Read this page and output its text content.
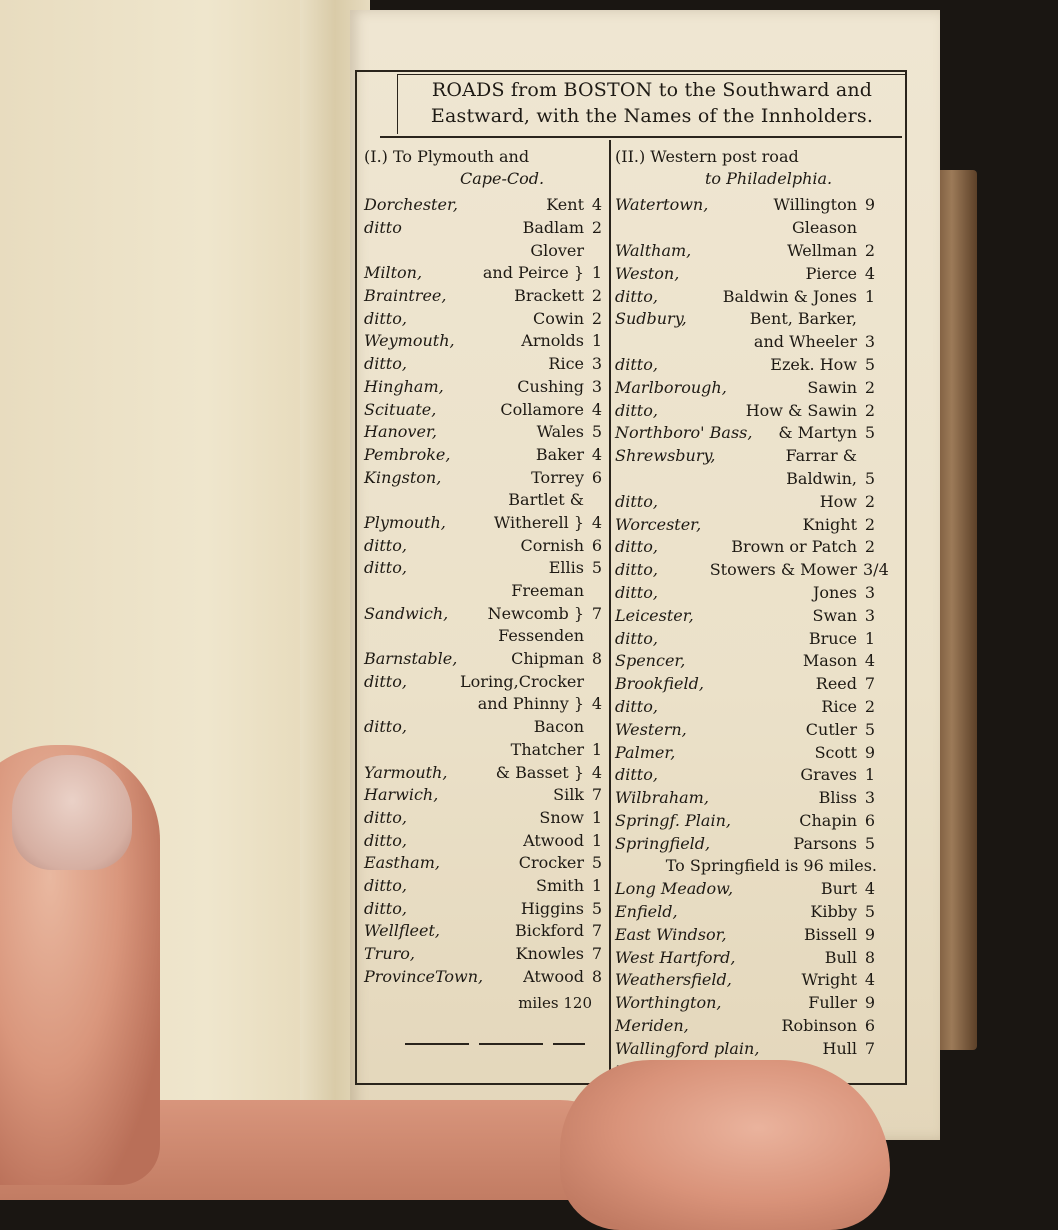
ROADS from BOSTON to the Southward and
Eastward, with the Names of the Innholders.
(I.) To Plymouth and
Cape-Cod.
Dorchester,	Kent 4
ditto	Badlam 2
Glover
Milton,	and Peirce } 1
Braintree,	Brackett 2
ditto,	Cowin 2
Weymouth,	Arnolds 1
ditto,	Rice 3
Hingham,	Cushing 3
Scituate,	Collamore 4
Hanover,	Wales 5
Pembroke,	Baker 4
Kingston,	Torrey 6
Bartlet &
Plymouth,	Witherell } 4
ditto,	Cornish 6
ditto,	Ellis 5
Freeman
Sandwich,	Newcomb } 7
Fessenden
Barnstable,	Chipman 8
ditto,	Loring,Crocker
and Phinny } 4
ditto,	Bacon
Thatcher 1
Yarmouth,	& Basset } 4
Harwich,	Silk 7
ditto,	Snow 1
ditto,	Atwood 1
Eastham,	Crocker 5
ditto,	Smith 1
ditto,	Higgins 5
Wellfleet,	Bickford 7
Truro,	Knowles 7
ProvinceTown,	Atwood 8
miles 120
(II.) Western post road
to Philadelphia.
Watertown,	Willington 9
Gleason
Waltham,	Wellman 2
Weston,	Pierce 4
ditto,	Baldwin & Jones 1
Sudbury,	Bent, Barker,
and Wheeler 3
ditto,	Ezek. How 5
Marlborough,	Sawin 2
ditto,	How & Sawin 2
Northboro' Bass,	& Martyn 5
Shrewsbury,	Farrar &
Baldwin, 5
ditto,	How 2
Worcester,	Knight 2
ditto,	Brown or Patch 2
ditto,	Stowers & Mower 3/4
ditto,	Jones 3
Leicester,	Swan 3
ditto,	Bruce 1
Spencer,	Mason 4
Brookfield,	Reed 7
ditto,	Rice 2
Western,	Cutler 5
Palmer,	Scott 9
ditto,	Graves 1
Wilbraham,	Bliss 3
Springf. Plain,	Chapin 6
Springfield,	Parsons 5
To Springfield is 96 miles.
Long Meadow,	Burt 4
Enfield,	Kibby 5
East Windsor,	Bissell 9
West Hartford,	Bull 8
Weathersfield,	Wright 4
Worthington,	Fuller 9
Meriden,	Robinson 6
Wallingford plain,	Hull 7
